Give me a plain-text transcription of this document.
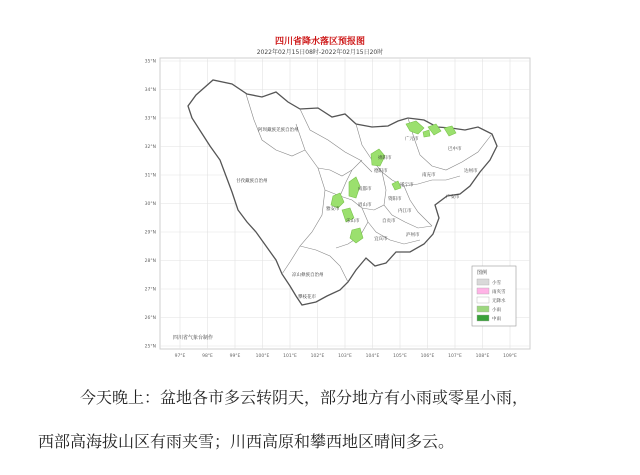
四川省降水落区预报图
2022年02月15日08时-2022年02月15日20时
35°N
34°N
33°N
32°N
31°N
30°N
29°N
28°N
27°N
26°N
25°N
97°E	98°E	99°E	100°E	101°E	102°E	103°E	104°E	105°E	106°E	107°E	108°E	109°E
阿坝藏族羌族自治州
甘孜藏族自治州
凉山彝族自治州
成都市
绵阳市
广元市
巴中市
达州市
南充市
遂宁市
德阳市
资阳市
内江市
自贡市
宜宾市
泸州市
乐山市
眉山市
雅安市
攀枝花市
广安市
四川省气象台制作
图例
小雪
雨夹雪
无降水
小雨
中雨
今天晚上：盆地各市多云转阴天，部分地方有小雨或零星小雨，
西部高海拔山区有雨夹雪；川西高原和攀西地区晴间多云。
